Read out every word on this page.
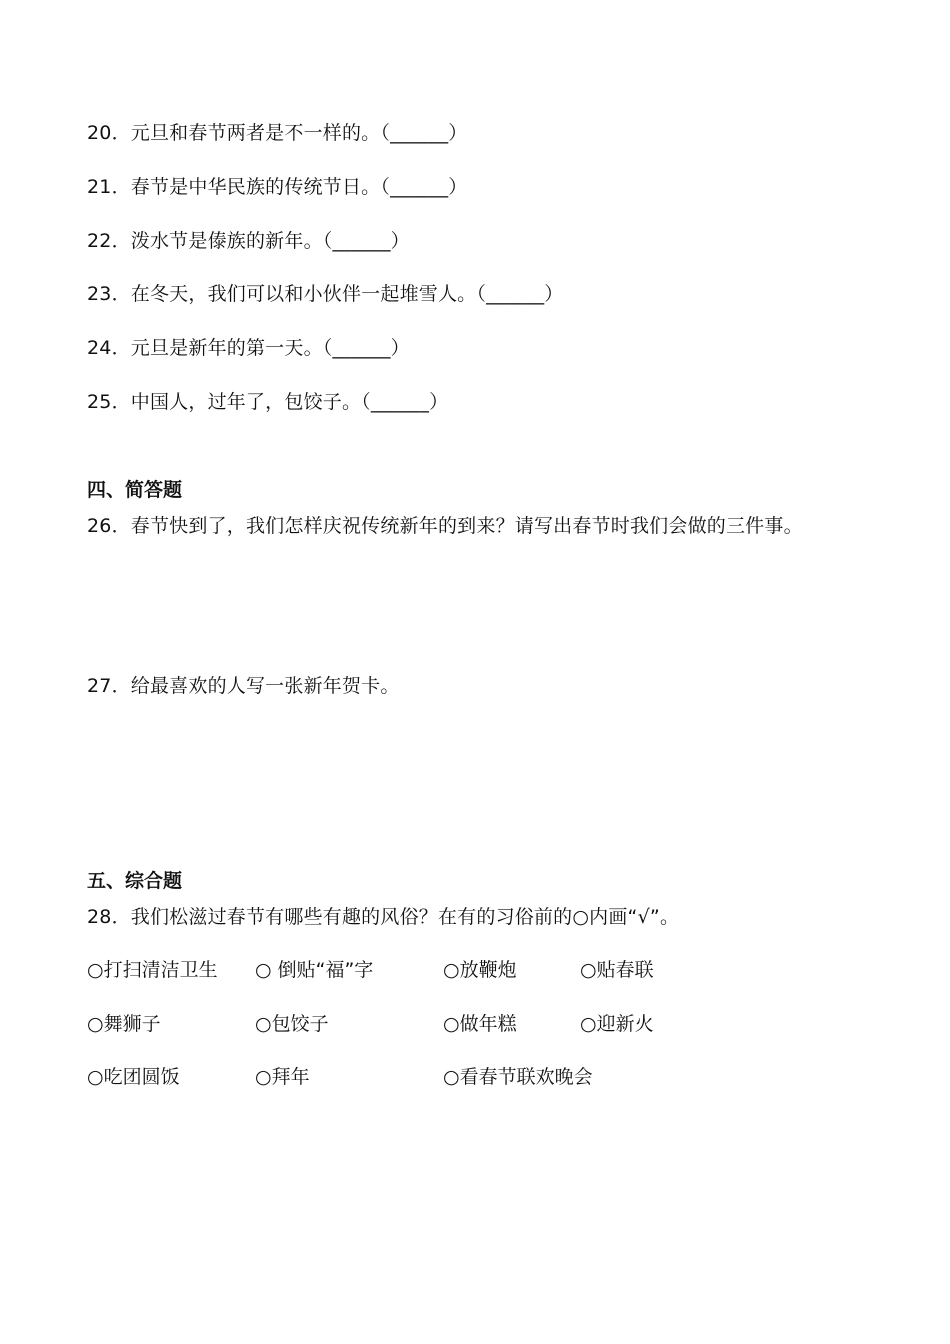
20．元旦和春节两者是不一样的。（______）
21．春节是中华民族的传统节日。（______）
22．泼水节是傣族的新年。（______）
23．在冬天，我们可以和小伙伴一起堆雪人。（______）
24．元旦是新年的第一天。（______）
25．中国人，过年了，包饺子。（______）
四、简答题
26．春节快到了，我们怎样庆祝传统新年的到来？请写出春节时我们会做的三件事。
27．给最喜欢的人写一张新年贺卡。
五、综合题
28．我们松滋过春节有哪些有趣的风俗？在有的习俗前的○内画“√”。
○打扫清洁卫生 ○ 倒贴“福”字	○放鞭炮	○贴春联
○舞狮子	○包饺子	○做年糕	○迎新火
○吃团圆饭	○拜年	○看春节联欢晚会
